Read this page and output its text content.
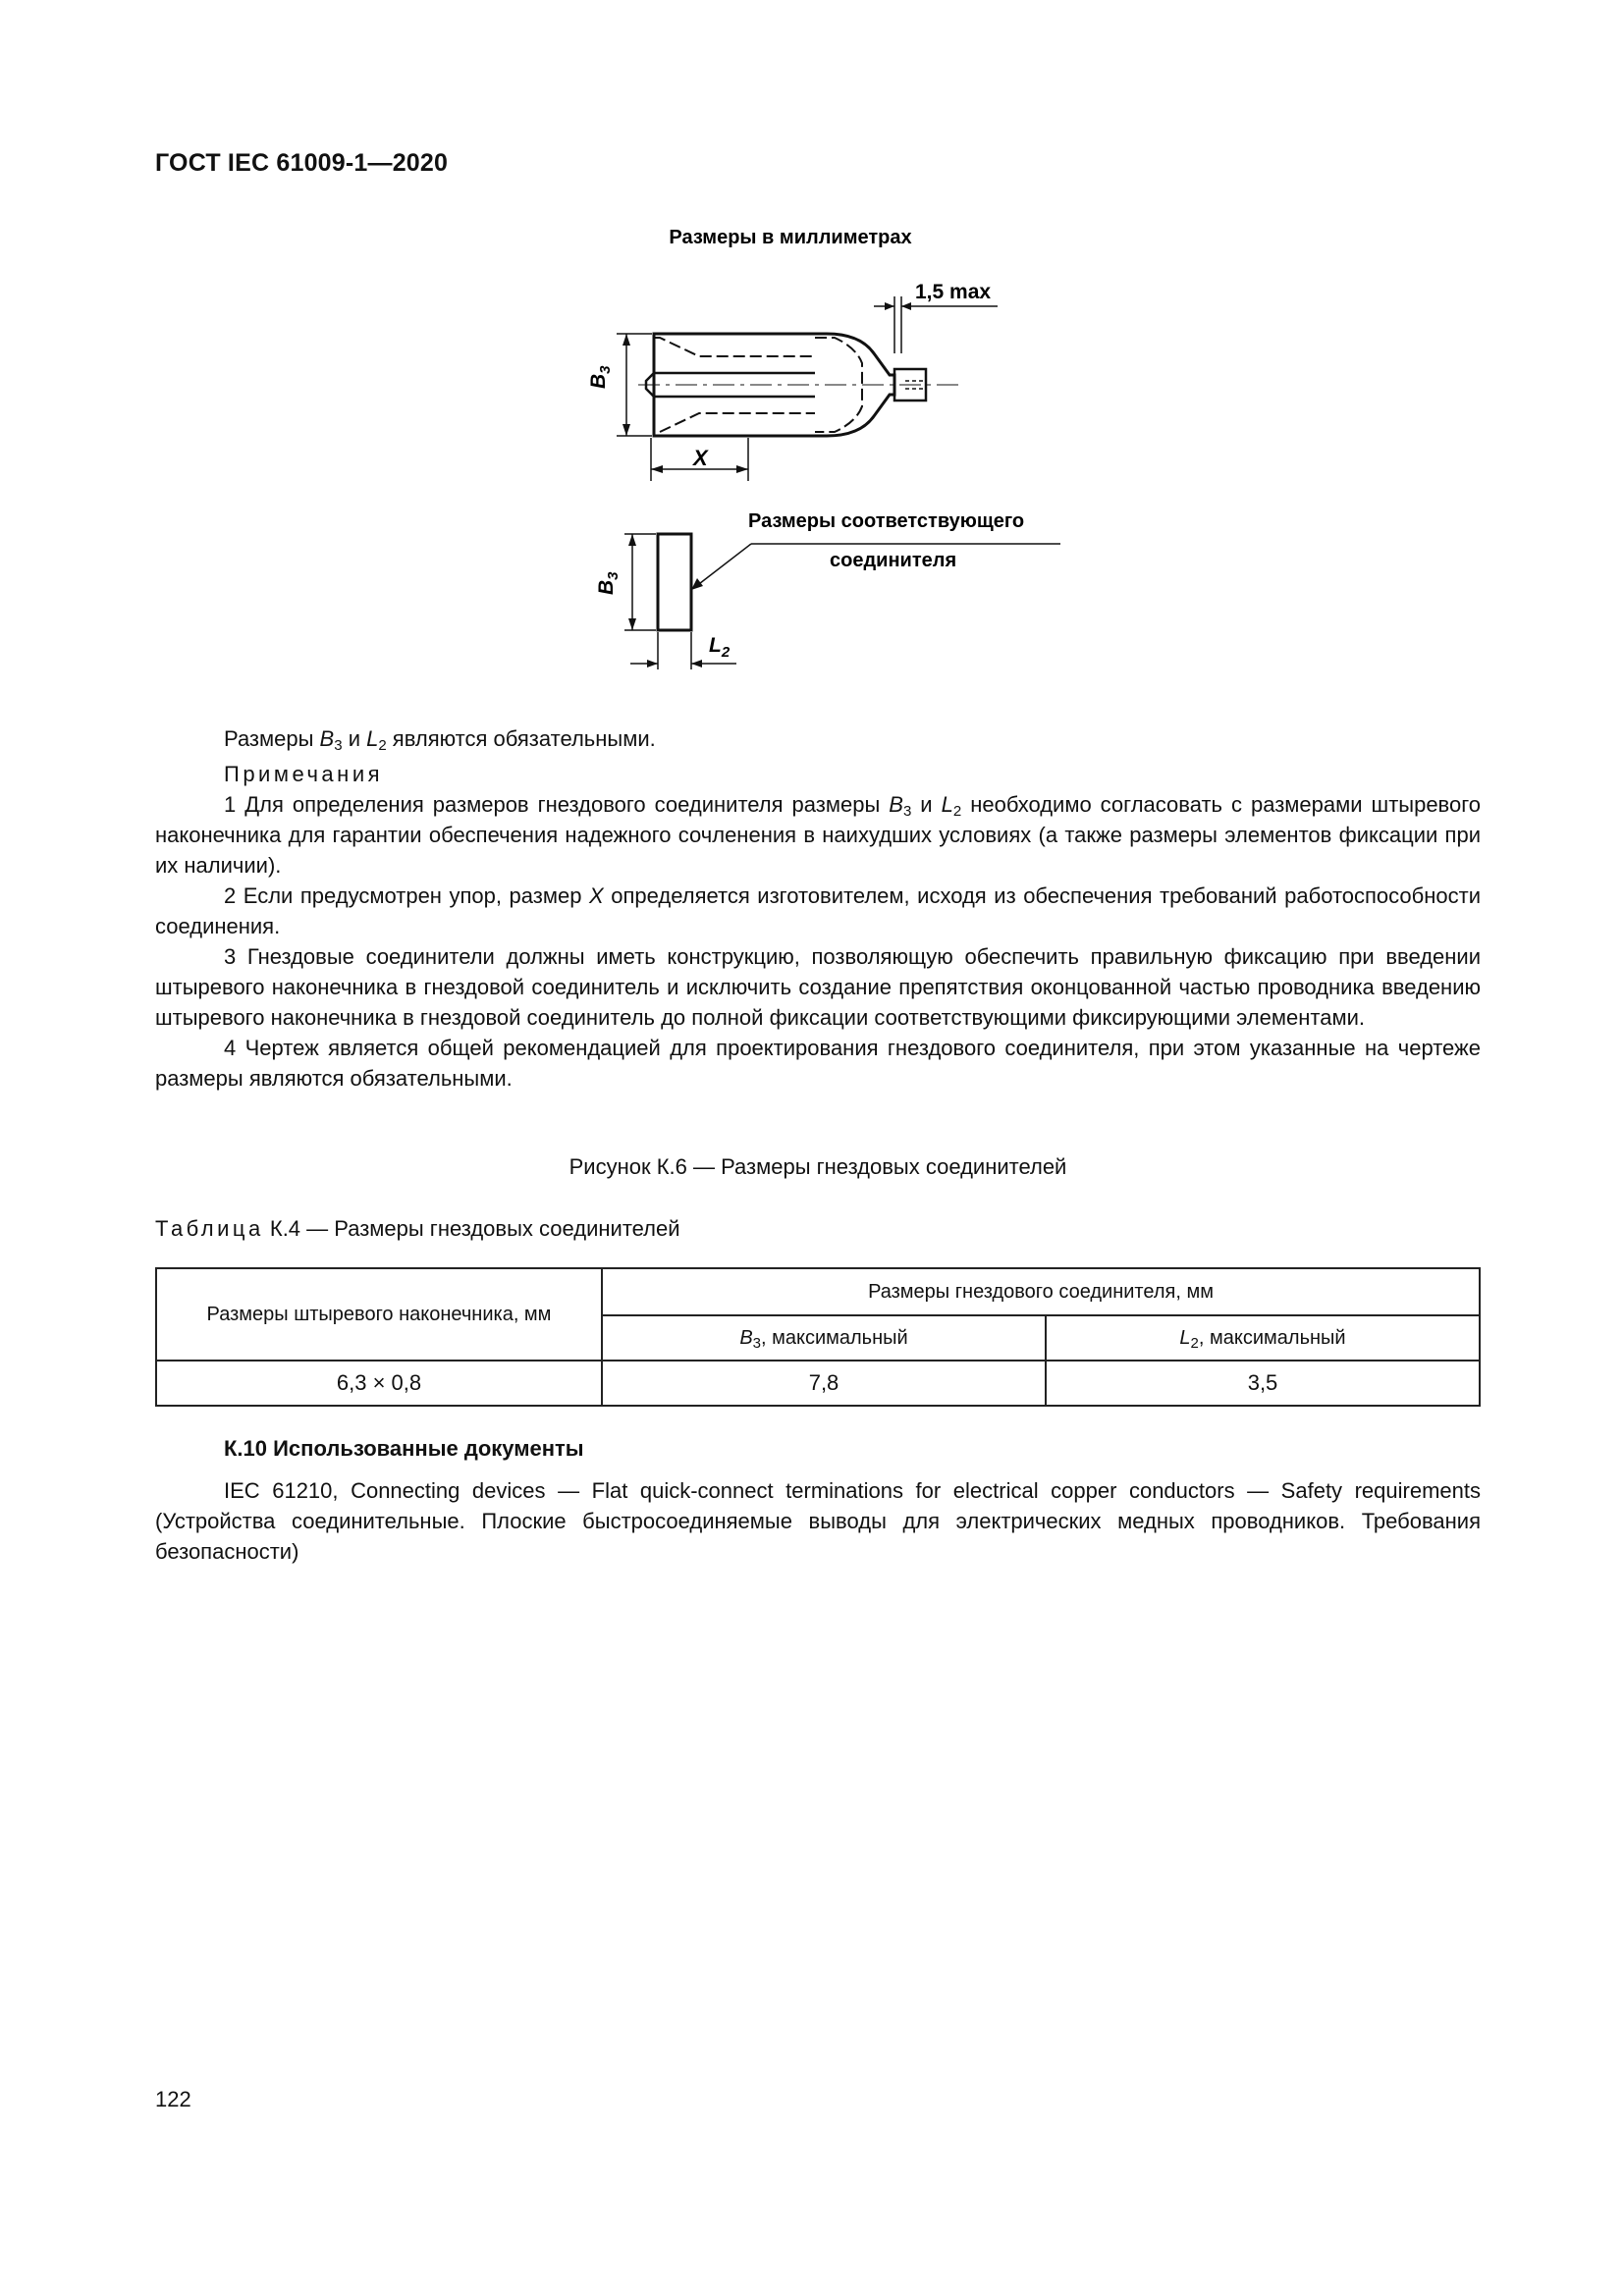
ГОСТ IEC 61009-1—2020
Размеры в миллиметрах
1,5 max
$B_3$
X
Размеры соответствующего
соединителя
$B_3$
$L_2$

Размеры $B_3$ и $L_2$ являются обязательными.

Примечания

1 Для определения размеров гнездового соединителя размеры $B_3$ и $L_2$ необходимо согласовать с размерами штыревого наконечника для гарантии обеспечения надежного сочленения в наихудших условиях (а также размеры элементов фиксации при их наличии).

2 Если предусмотрен упор, размер X определяется изготовителем, исходя из обеспечения требований работоспособности соединения.

3 Гнездовые соединители должны иметь конструкцию, позволяющую обеспечить правильную фиксацию при введении штыревого наконечника в гнездовой соединитель и исключить создание препятствия оконцованной частью проводника введению штыревого наконечника в гнездовой соединитель до полной фиксации соответствующими фиксирующими элементами.

4 Чертеж является общей рекомендацией для проектирования гнездового соединителя, при этом указанные на чертеже размеры являются обязательными.

Рисунок К.6 — Размеры гнездовых соединителей
Таблица К.4 — Размеры гнездовых соединителей
Размеры штыревого наконечника, мм	Размеры гнездового соединителя, мм	
	$B_3$, максимальный	$L_2$, максимальный
6,3 × 0,8	7,8	3,5
К.10 Использованные документы

IEC 61210, Connecting devices — Flat quick-connect terminations for electrical copper conductors — Safety requirements (Устройства соединительные. Плоские быстросоединяемые выводы для электрических медных проводников. Требования безопасности)

122
